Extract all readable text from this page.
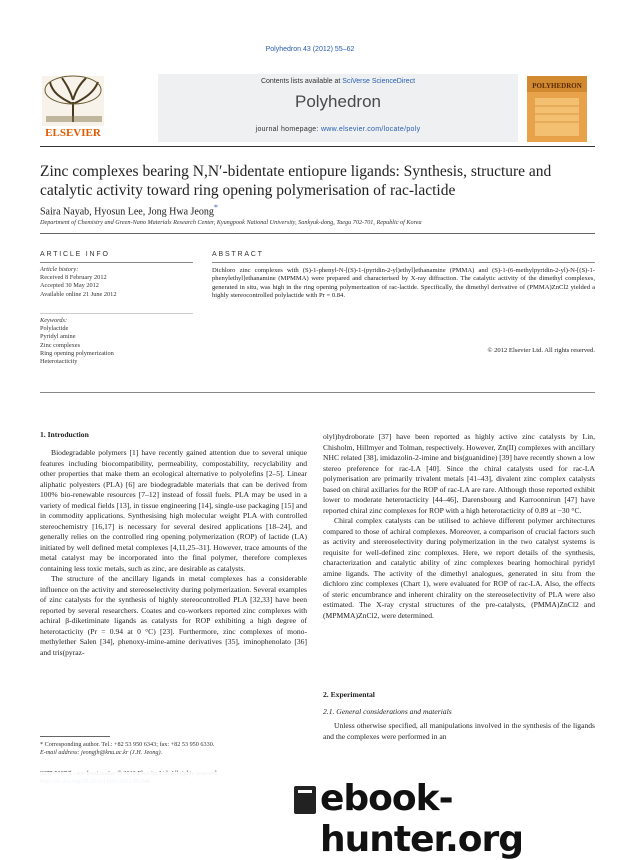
Polyhedron 43 (2012) 55–62
ELSEVIER
Contents lists available at SciVerse ScienceDirect
Polyhedron
journal homepage: www.elsevier.com/locate/poly
POLYHEDRON
Zinc complexes bearing N,N′-bidentate entiopure ligands: Synthesis, structure and catalytic activity toward ring opening polymerisation of rac-lactide
Saira Nayab, Hyosun Lee, Jong Hwa Jeong*
Department of Chemistry and Green-Nano Materials Research Center, Kyungpook National University, Sankyuk-dong, Taegu 702-701, Republic of Korea
ARTICLE INFO	ABSTRACT
Article history:
Received 8 February 2012
Accepted 30 May 2012
Available online 21 June 2012
Keywords:
Polylactide
Pyridyl amine
Zinc complexes
Ring opening polymerization
Heterotacticity
Dichloro zinc complexes with (S)-1-phenyl-N-[(S)-1-(pyridin-2-yl)ethyl]ethanamine (PMMA) and (S)-1-(6-methylpyridin-2-yl)-N-[(S)-1-phenylethyl]ethanamine (MPMMA) were prepared and characterised by X-ray diffraction. The catalytic activity of the dimethyl complexes, generated in situ, was high in the ring opening polymerization of rac-lactide. Specifically, the dimethyl derivative of (PMMA)ZnCl2 yielded a highly stereocontrolled polylactide with Pr = 0.84.
© 2012 Elsevier Ltd. All rights reserved.
1. Introduction

Biodegradable polymers [1] have recently gained attention due to several unique features including biocompatibility, permeability, compostability, recyclability and other properties that make them an ecological alternative to polyolefins [2–5]. Linear aliphatic polyesters (PLA) [6] are biodegradable materials that can be derived from 100% bio-renewable resources [7–12] instead of fossil fuels. PLA may be used in a variety of medical fields [13], in tissue engineering [14], single-use packaging [15] and in commodity applications. Synthesising high molecular weight PLA with controlled stereochemistry [16,17] is necessary for several desired applications [18–24], and generally relies on the controlled ring opening polymerization (ROP) of lactide (LA) initiated by well defined metal complexes [4,11,25–31]. However, trace amounts of the metal catalyst may be incorporated into the final polymer, therefore complexes containing less toxic metals, such as zinc, are desirable as catalysts.

The structure of the ancillary ligands in metal complexes has a considerable influence on the activity and stereoselectivity during polymerization. Several examples of zinc catalysts for the synthesis of highly stereocontrolled PLA [32,33] have been reported by several researchers. Coates and co-workers reported zinc complexes with achiral β-diketiminate ligands as catalysts for ROP exhibiting a high degree of heterotacticity (Pr = 0.94 at 0 °C) [23]. Furthermore, zinc complexes of mono-methylether Salen [34], phenoxy-imine-amine derivatives [35], iminophenolato [36] and tris(pyraz-

olyl)hydroborate [37] have been reported as highly active zinc catalysts by Lin, Chisholm, Hillmyer and Tolman, respectively. However, Zn(II) complexes with ancillary NHC related [38], imidazolin-2-imine and bis(guanidine) [39] have recently shown a low stereo preference for rac-LA [40]. Since the chiral catalysts used for rac-LA polymerisation are primarily trivalent metals [41–43], divalent zinc complex catalysts based on chiral axillaries for the ROP of rac-LA are rare. Although those reported exhibit lower to moderate heterotacticity [44–46], Darensbourg and Karroonnirun [47] have reported chiral zinc complexes for ROP with a high heterotacticity of 0.89 at −30 °C.

Chiral complex catalysts can be utilised to achieve different polymer architectures compared to those of achiral complexes. Moreover, a comparison of crucial factors such as activity and stereoselectivity during polymerization in the two catalyst systems is requisite for well-defined zinc complexes. Here, we report details of the synthesis, characterization and catalytic ability of zinc complexes bearing homochiral pyridyl amine ligands. The activity of the dimethyl analogues, generated in situ from the dichloro zinc complexes (Chart 1), were evaluated for ROP of rac-LA. Also, the effects of steric encumbrance and inherent chirality on the stereoselectivity of PLA were also estimated. The X-ray crystal structures of the pre-catalysts, (PMMA)ZnCl2 and (MPMMA)ZnCl2, were determined.

2. Experimental
2.1. General considerations and materials

Unless otherwise specified, all manipulations involved in the synthesis of the ligands and the complexes were performed in an

* Corresponding author. Tel.: +82 53 950 6343; fax: +82 53 950 6330.
E-mail address: jeongjh@knu.ac.kr (J.H. Jeong).
ebook-hunter.org
